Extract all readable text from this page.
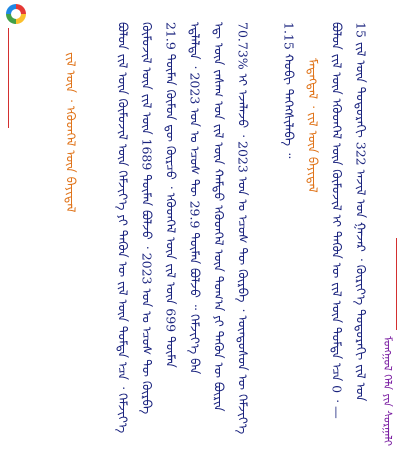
ᠮᠣᠩᠭᠣᠯ ᠬᠡᠯᠡ ᠶᠢᠨ ᠰᠤᠷᠭᠠᠯᠢ
15 ᠵᠢᠯ ᠦᠨ ᠳᠣᠲᠣᠷᠠᠬᠢ 322 ᠠᠵᠢᠯ ᠤᠨ ᠭᠠᠵᠠᠷ ᠂ ᠬᠦᠷᠢᠶ᠎ᠡ ᠳᠣᠲᠣᠷᠠᠬᠢ ᠵᠢᠯ ᠤᠨ
ᠪᠣᠯᠤᠨ ᠵᠢᠯ ᠦᠨ ᠡᠭᠦᠳᠬᠡᠯ ᠦᠨ ᠬᠦᠮᠦᠵᠢᠯ ᠢ ᠲᠡᠭᠦᠨ ᠦ ᠵᠢᠯ ᠦᠨ ᠳᠤᠮᠳᠠ ᠡᠴᠡ 0 ᠂ —
ᠮᠡᠳᠡᠭᠳᠡᠯ ᠂ ᠵᠢᠯ ᠦᠨ ᠪᠠᠶᠢᠳᠠᠯ
1.15 ᠬᠤᠪᠢ ᠳᠡᠭᠡᠭᠰᠢᠯᠡᠪᠡ ᠃
70.73% ᠢ ᠡᠵᠡᠯᠡᠵᠦ ᠂ 2023 ᠣᠨ ᠤ ᠡᠴᠦᠰ ᠲᠦ ᠬᠦᠷᠪᠡ ᠂ ᠦᠨᠳᠦᠰᠦᠨ ᠦ ᠬᠡᠮᠵᠢᠶ᠎ᠡ
ᠡᠳ᠋ ᠦᠨ ᠵᠠᠰᠠᠭ ᠤᠨ ᠵᠢᠯ ᠦᠨ ᠬᠠᠮᠲᠤ ᠡᠭᠦᠳᠬᠡᠯ ᠦᠨ ᠲᠣᠭ᠎ᠠ ᠶᠢ ᠲᠡᠭᠦᠨ ᠦ ᠪᠦᠷᠢᠨ
ᠡᠳ᠋ᠯᠡᠯᠲᠡ ᠂ 2023 ᠣᠨ ᠤ ᠡᠴᠦᠰ ᠲᠦ 29.9 ᠲᠦᠮᠡᠨ ᠪᠣᠯᠵᠤ ᠃ ᠬᠡᠮᠵᠢᠶ᠎ᠡ ᠪᠡᠨ
21.9 ᠲᠦᠮᠡᠨ ᠬᠦᠮᠦᠨ ᠳᠦ ᠬᠦᠷᠴᠦ ᠂ ᠡᠭᠦᠳᠬᠡᠯ ᠦᠨ ᠵᠢᠯ ᠦᠨ 699 ᠲᠦᠮᠡᠨ
ᠬᠦᠮᠦᠵᠢᠯ ᠦᠨ ᠵᠢᠯ ᠦᠨ 1689 ᠲᠦᠮᠡᠨ ᠪᠣᠯᠵᠤ ᠂ 2023 ᠣᠨ ᠤ ᠡᠴᠦᠰ ᠲᠦ ᠬᠦᠷᠪᠡ
ᠪᠣᠯᠤᠨ ᠵᠢᠯ ᠦᠨ ᠬᠦᠮᠦᠵᠢᠯ ᠦᠨ ᠬᠡᠮᠵᠢᠶ᠎ᠡ ᠶᠢ ᠲᠡᠭᠦᠨ ᠦ ᠵᠢᠯ ᠦᠨ ᠳᠤᠮᠳᠠ ᠡᠴᠡ ᠂ ᠬᠡᠮᠵᠢᠶ᠎ᠡ
ᠵᠢᠯ ᠦᠨ ᠂ ᠡᠭᠦᠳᠬᠡᠯ ᠦᠨ ᠪᠠᠶᠢᠳᠠᠯ
